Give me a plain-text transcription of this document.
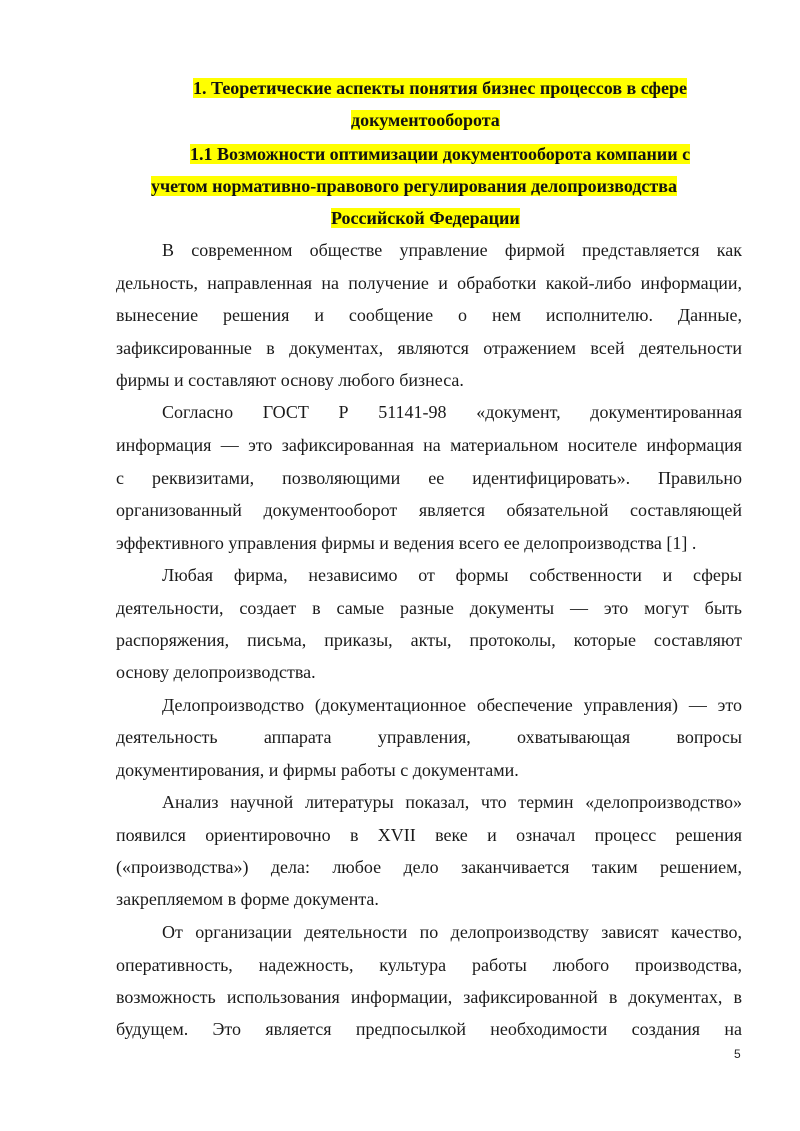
1. Теоретические аспекты понятия бизнес процессов в сфере
документооборота
1.1 Возможности оптимизации документооборота компании с
учетом нормативно-правового регулирования делопроизводства
Российской Федерации
В современном обществе управление фирмой представляется как
дельность, направленная на получение и обработки какой-либо информации,
вынесение решения и сообщение о нем исполнителю. Данные,
зафиксированные в документах, являются отражением всей деятельности
фирмы и составляют основу любого бизнеса.
Согласно ГОСТ Р 51141-98 «документ, документированная
информация — это зафиксированная на материальном носителе информация
с реквизитами, позволяющими ее идентифицировать». Правильно
организованный документооборот является обязательной составляющей
эффективного управления фирмы и ведения всего ее делопроизводства [1] .
Любая фирма, независимо от формы собственности и сферы
деятельности, создает в самые разные документы — это могут быть
распоряжения, письма, приказы, акты, протоколы, которые составляют
основу делопроизводства.
Делопроизводство (документационное обеспечение управления) — это
деятельность аппарата управления, охватывающая вопросы
документирования, и фирмы работы с документами.
Анализ научной литературы показал, что термин «делопроизводство»
появился ориентировочно в XVII веке и означал процесс решения
(«производства») дела: любое дело заканчивается таким решением,
закрепляемом в форме документа.
От организации деятельности по делопроизводству зависят качество,
оперативность, надежность, культура работы любого производства,
возможность использования информации, зафиксированной в документах, в
будущем. Это является предпосылкой необходимости создания на
5
